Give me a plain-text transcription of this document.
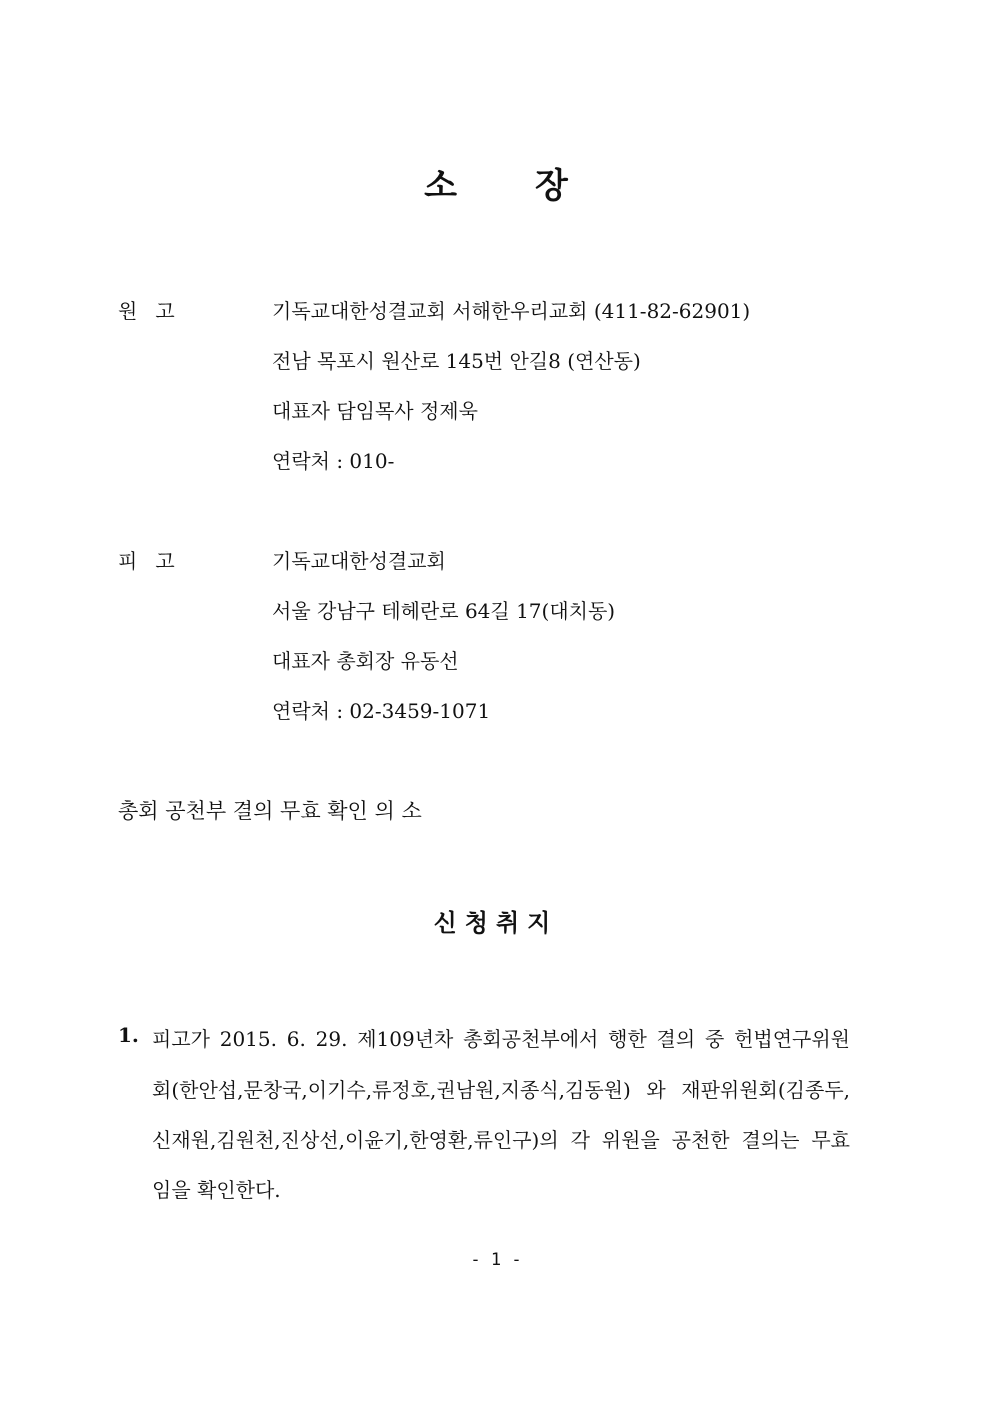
소 장
원 고	기독교대한성결교회 서해한우리교회 (411-82-62901)
전남 목포시 원산로 145번 안길8 (연산동)
대표자 담임목사 정제욱
연락처 : 010-
피 고	기독교대한성결교회
서울 강남구 테헤란로 64길 17(대치동)
대표자 총회장 유동선
연락처 : 02-3459-1071
총회 공천부 결의 무효 확인 의 소
신청취지
1. 피고가 2015. 6. 29. 제109년차 총회공천부에서 행한 결의 중 헌법연구위원
회(한안섭,문창국,이기수,류정호,권남원,지종식,김동원) 와 재판위원회(김종두,
신재원,김원천,진상선,이윤기,한영환,류인구)의 각 위원을 공천한 결의는 무효
임을 확인한다.
- 1 -
